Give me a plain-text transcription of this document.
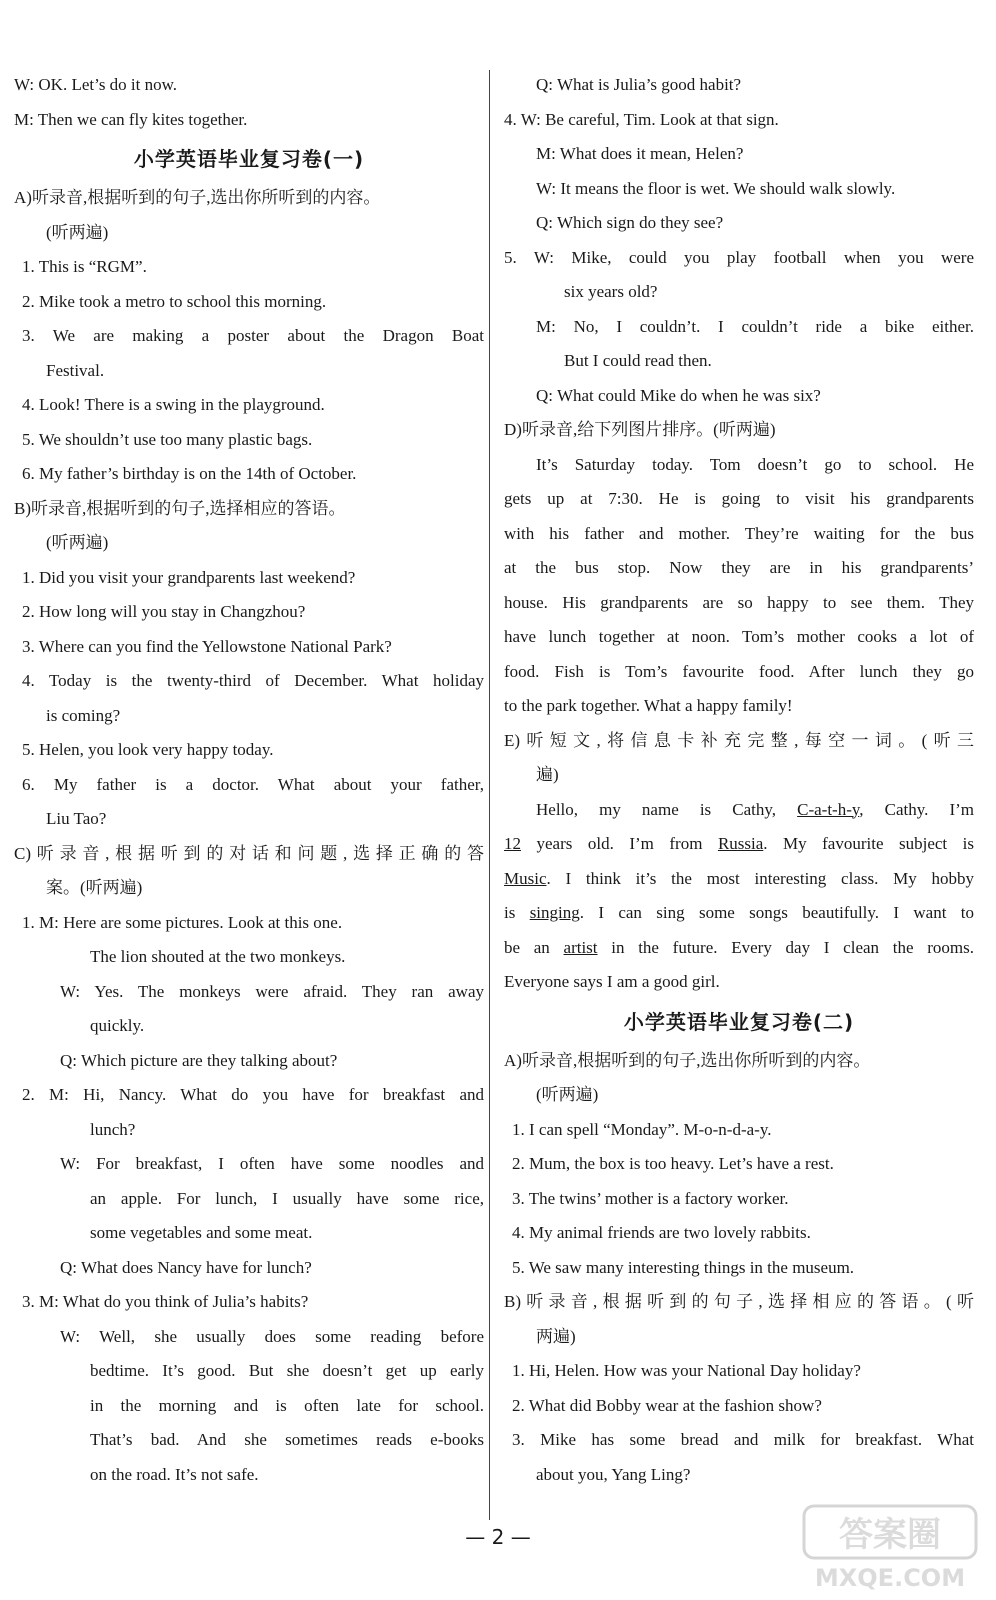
W: OK. Let’s do it now.
M: Then we can fly kites together.
小学英语毕业复习卷(一)
A)听录音,根据听到的句子,选出你所听到的内容。
(听两遍)
1. This is “RGM”.
2. Mike took a metro to school this morning.
3. We are making a poster about the Dragon Boat
Festival.
4. Look! There is a swing in the playground.
5. We shouldn’t use too many plastic bags.
6. My father’s birthday is on the 14th of October.
B)听录音,根据听到的句子,选择相应的答语。
(听两遍)
1. Did you visit your grandparents last weekend?
2. How long will you stay in Changzhou?
3. Where can you find the Yellowstone National Park?
4. Today is the twenty-third of December. What holiday
is coming?
5. Helen, you look very happy today.
6. My father is a doctor. What about your father,
Liu Tao?
C)听录音,根据听到的对话和问题,选择正确的答
案。(听两遍)
1. M: Here are some pictures. Look at this one.
The lion shouted at the two monkeys.
W: Yes. The monkeys were afraid. They ran away
quickly.
Q: Which picture are they talking about?
2. M: Hi, Nancy. What do you have for breakfast and
lunch?
W: For breakfast, I often have some noodles and
an apple. For lunch, I usually have some rice,
some vegetables and some meat.
Q: What does Nancy have for lunch?
3. M: What do you think of Julia’s habits?
W: Well, she usually does some reading before
bedtime. It’s good. But she doesn’t get up early
in the morning and is often late for school.
That’s bad. And she sometimes reads e-books
on the road. It’s not safe.
Q: What is Julia’s good habit?
4. W: Be careful, Tim. Look at that sign.
M: What does it mean, Helen?
W: It means the floor is wet. We should walk slowly.
Q: Which sign do they see?
5. W: Mike, could you play football when you were
six years old?
M: No, I couldn’t. I couldn’t ride a bike either.
But I could read then.
Q: What could Mike do when he was six?
D)听录音,给下列图片排序。(听两遍)
It’s Saturday today. Tom doesn’t go to school. He
gets up at 7:30. He is going to visit his grandparents
with his father and mother. They’re waiting for the bus
at the bus stop. Now they are in his grandparents’
house. His grandparents are so happy to see them. They
have lunch together at noon. Tom’s mother cooks a lot of
food. Fish is Tom’s favourite food. After lunch they go
to the park together. What a happy family!
E)听短文,将信息卡补充完整,每空一词。(听三
遍)
Hello, my name is Cathy, C-a-t-h-y, Cathy. I’m
12 years old. I’m from Russia. My favourite subject is
Music. I think it’s the most interesting class. My hobby
is singing. I can sing some songs beautifully. I want to
be an artist in the future. Every day I clean the rooms.
Everyone says I am a good girl.
小学英语毕业复习卷(二)
A)听录音,根据听到的句子,选出你所听到的内容。
(听两遍)
1. I can spell “Monday”. M-o-n-d-a-y.
2. Mum, the box is too heavy. Let’s have a rest.
3. The twins’ mother is a factory worker.
4. My animal friends are two lovely rabbits.
5. We saw many interesting things in the museum.
B)听录音,根据听到的句子,选择相应的答语。(听
两遍)
1. Hi, Helen. How was your National Day holiday?
2. What did Bobby wear at the fashion show?
3. Mike has some bread and milk for breakfast. What
about you, Yang Ling?
— 2 —	答案圈
MXQE.COM
